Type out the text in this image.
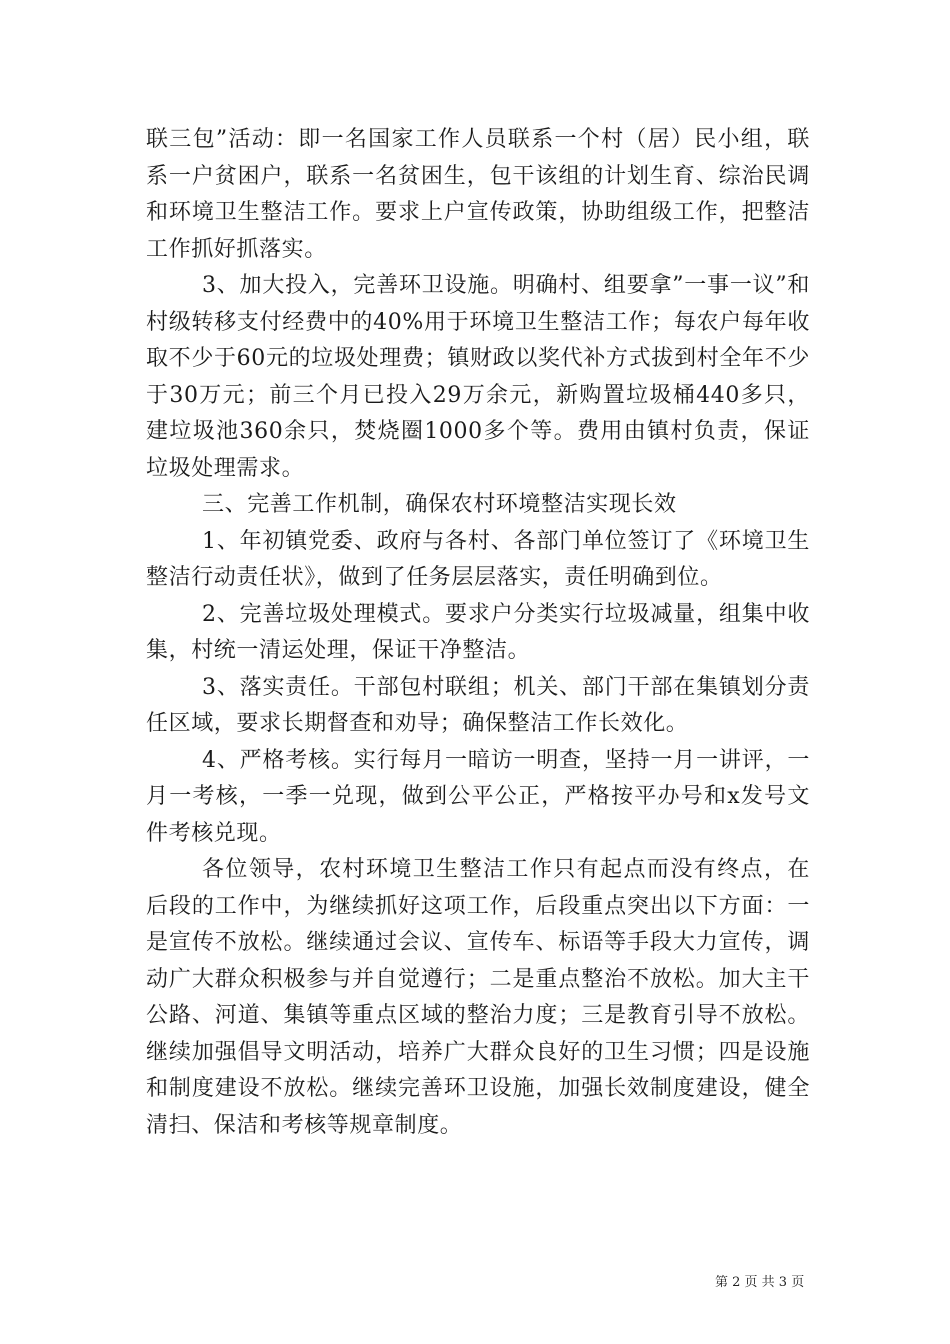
联三包”活动：即一名国家工作人员联系一个村（居）民小组，联系一户贫困户，联系一名贫困生，包干该组的计划生育、综治民调和环境卫生整洁工作。要求上户宣传政策，协助组级工作，把整洁工作抓好抓落实。

3、加大投入，完善环卫设施。明确村、组要拿”一事一议”和村级转移支付经费中的40%用于环境卫生整洁工作；每农户每年收取不少于60元的垃圾处理费；镇财政以奖代补方式拔到村全年不少于30万元；前三个月已投入29万余元，新购置垃圾桶440多只，建垃圾池360余只，焚烧圈1000多个等。费用由镇村负责，保证垃圾处理需求。

三、完善工作机制，确保农村环境整洁实现长效

1、年初镇党委、政府与各村、各部门单位签订了《环境卫生整洁行动责任状》，做到了任务层层落实，责任明确到位。

2、完善垃圾处理模式。要求户分类实行垃圾减量，组集中收集，村统一清运处理，保证干净整洁。

3、落实责任。干部包村联组；机关、部门干部在集镇划分责任区域，要求长期督查和劝导；确保整洁工作长效化。

4、严格考核。实行每月一暗访一明查，坚持一月一讲评，一月一考核，一季一兑现，做到公平公正，严格按平办号和x发号文件考核兑现。

各位领导，农村环境卫生整洁工作只有起点而没有终点，在后段的工作中，为继续抓好这项工作，后段重点突出以下方面：一是宣传不放松。继续通过会议、宣传车、标语等手段大力宣传，调动广大群众积极参与并自觉遵行；二是重点整治不放松。加大主干公路、河道、集镇等重点区域的整治力度；三是教育引导不放松。继续加强倡导文明活动，培养广大群众良好的卫生习惯；四是设施和制度建设不放松。继续完善环卫设施，加强长效制度建设，健全清扫、保洁和考核等规章制度。

第 2 页 共 3 页
